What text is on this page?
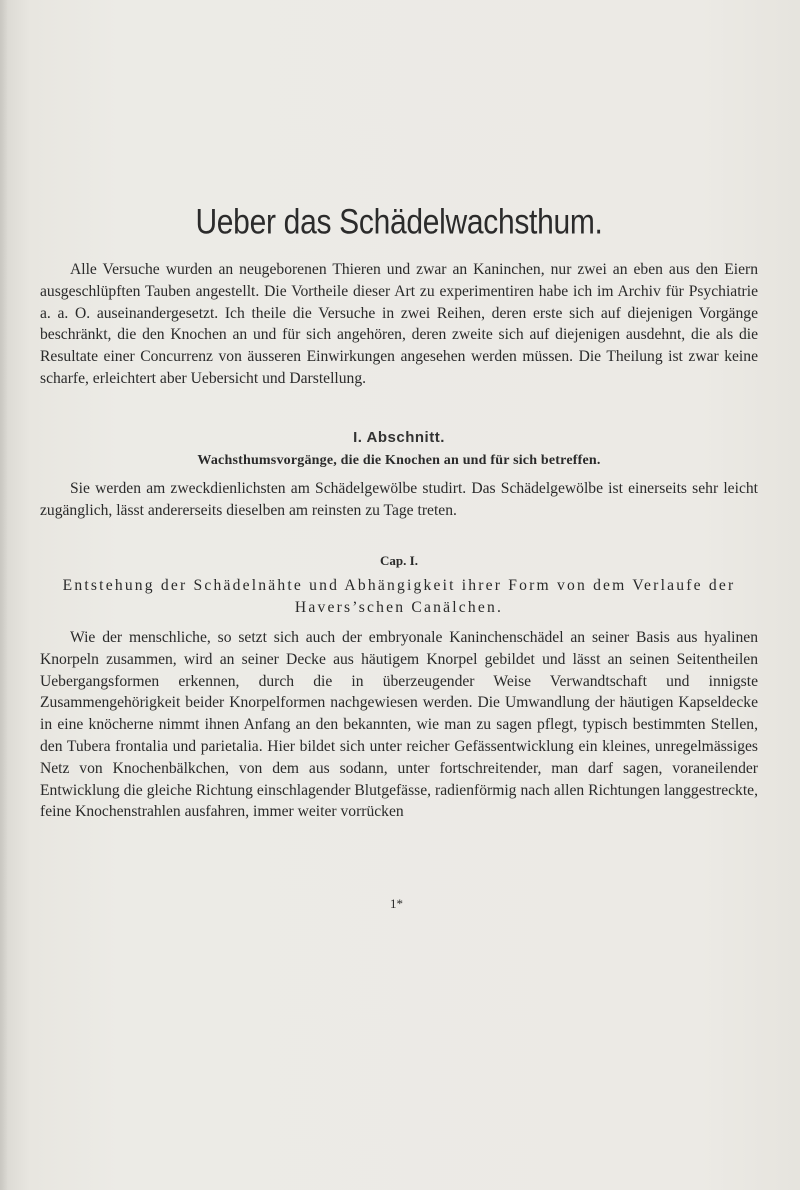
Ueber das Schädelwachsthum.

Alle Versuche wurden an neugeborenen Thieren und zwar an Kaninchen, nur zwei an eben aus den Eiern ausgeschlüpften Tauben angestellt. Die Vortheile dieser Art zu experimentiren habe ich im Archiv für Psychiatrie a. a. O. auseinandergesetzt. Ich theile die Versuche in zwei Reihen, deren erste sich auf diejenigen Vorgänge beschränkt, die den Knochen an und für sich angehören, deren zweite sich auf diejenigen ausdehnt, die als die Resultate einer Concurrenz von äusseren Einwirkungen angesehen werden müssen. Die Theilung ist zwar keine scharfe, erleichtert aber Uebersicht und Darstellung.

I. Abschnitt.
Wachsthumsvorgänge, die die Knochen an und für sich betreffen.

Sie werden am zweckdienlichsten am Schädelgewölbe studirt. Das Schädelgewölbe ist einerseits sehr leicht zugänglich, lässt andererseits dieselben am reinsten zu Tage treten.

Cap. I.
Entstehung der Schädelnähte und Abhängigkeit ihrer Form von dem Verlaufe der Havers’schen Canälchen.

Wie der menschliche, so setzt sich auch der embryonale Kaninchenschädel an seiner Basis aus hyalinen Knorpeln zusammen, wird an seiner Decke aus häutigem Knorpel gebildet und lässt an seinen Seitentheilen Uebergangsformen erkennen, durch die in überzeugender Weise Verwandtschaft und innigste Zusammengehörigkeit beider Knorpelformen nachgewiesen werden. Die Umwandlung der häutigen Kapseldecke in eine knöcherne nimmt ihnen Anfang an den bekannten, wie man zu sagen pflegt, typisch bestimmten Stellen, den Tubera frontalia und parietalia. Hier bildet sich unter reicher Gefässentwicklung ein kleines, unregelmässiges Netz von Knochenbälkchen, von dem aus sodann, unter fortschreitender, man darf sagen, voraneilender Entwicklung die gleiche Richtung einschlagender Blutgefässe, radienförmig nach allen Richtungen langgestreckte, feine Knochenstrahlen ausfahren, immer weiter vorrücken

1*
